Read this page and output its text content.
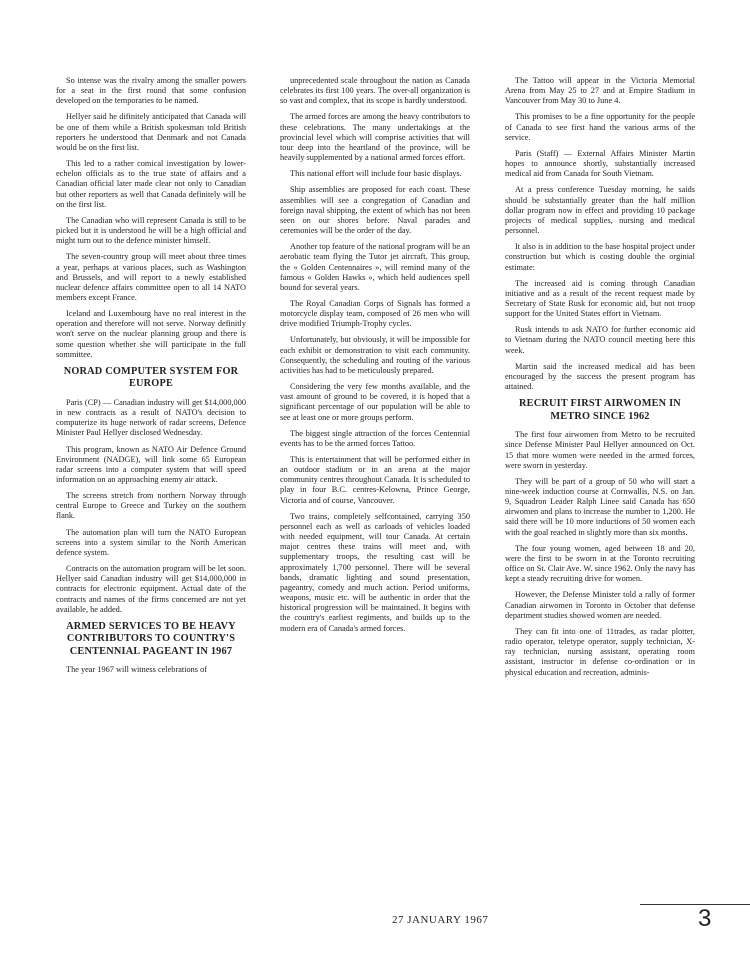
So intense was the rivalry among the smaller powers for a seat in the first round that some confusion developed on the temporaries to be named.

Hellyer said he difinitely anticipated that Canada will be one of them while a British spokesman told British reporters he understood that Denmark and not Canada would be on the first list.

This led to a rather comical investigation by lower-echelon officials as to the true state of affairs and a Canadian official later made clear not only to Canadian but other reporters as well that Canada definitely will be on the first list.

The Canadian who will represent Canada is still to be picked but it is understood he will be a high official and might turn out to the defence minister himself.

The seven-country group will meet about three times a year, perhaps at various places, such as Washington and Brussels, and will report to a newly established nuclear defence affairs committee open to all 14 NATO members except France.

Iceland and Luxembourg have no real interest in the operation and therefore will not serve. Norway definitly won't serve on the nuclear planning group and there is some question whether she will participate in the full sommittee.

NORAD COMPUTER SYSTEM FOR EUROPE

Paris (CP) — Canadian industry will get $14,000,000 in new contracts as a result of NATO's decision to computerize its huge network of radar screens, Defence Minister Paul Hellyer disclosed Wednesday.

This program, known as NATO Air Defence Ground Environment (NADGE), will link some 65 European radar screens into a computer system that will speed information on an approaching enemy air attack.

The screens stretch from northern Norway through central Europe to Greece and Turkey on the southern flank.

The automation plan will turn the NATO European screens into a system similar to the North American defence system.

Contracts on the automation program will be let soon. Hellyer said Canadian industry will get $14,000,000 in contracts for electronic equipment. Actual date of the contracts and names of the firms concerned are not yet available, he added.

ARMED SERVICES TO BE HEAVY CONTRIBUTORS TO COUNTRY'S CENTENNIAL PAGEANT IN 1967

The year 1967 will witness celebrations of

unprecedented scale throughout the nation as Canada celebrates its first 100 years. The over-all organization is so vast and complex, that its scope is hardly understood.

The armed forces are among the heavy contributors to these celebrations. The many undertakings at the provincial level which will comprise activities that will tour deep into the heartland of the province, will be heavily supplemented by a national armed forces effort.

This national effort will include four basic displays.

Ship assemblies are proposed for each coast. These assemblies will see a congregation of Canadian and foreign naval shipping, the extent of which has not been seen on our shores before. Naval parades and ceremonies will be the order of the day.

Another top feature of the national program will be an aerobatic team flying the Tutor jet aircraft. This group, the « Golden Centennaires », will remind many of the famous « Golden Hawks », which held audiences spell bound for several years.

The Royal Canadian Corps of Signals has formed a motorcycle display team, composed of 26 men who will drive modified Triumph-Trophy cycles.

Unfortunately, but obviously, it will be impossible for each exhibit or demonstration to visit each community. Consequently, the scheduling and routing of the various activities has had to be meticulously prepared.

Considering the very few months available, and the vast amount of ground to be covered, it is hoped that a significant percentage of our population will be able to see at least one or more groups perform.

The biggest single attraction of the forces Centennial events has to be the armed forces Tattoo.

This is entertainment that will be performed either in an outdoor stadium or in an arena at the major community centres throughout Canada. It is scheduled to play in four B.C. centres-Kelowna, Prince George, Victoria and of course, Vancouver.

Two trains, completely selfcontained, carrying 350 personnel each as well as carloads of vehicles loaded with needed equipment, will tour Canada. At certain major centres these trains will meet and, with supplementary troops, the resulting cast will be approximately 1,700 personnel. There will be several bands, dramatic lighting and sound presentation, pageantry, comedy and much action. Period uniforms, weapons, music etc. will be authentic in order that the historical progression will be maintained. It begins with the country's earliest regiments, and builds up to the modern era of Canada's armed forces.

The Tattoo will appear in the Victoria Memorial Arena from May 25 to 27 and at Empire Stadium in Vancouver from May 30 to June 4.

This promises to be a fine opportunity for the people of Canada to see first hand the various arms of the service.

Paris (Staff) — External Affairs Minister Martin hopes to announce shortly, substantially increased medical aid from Canada for South Vietnam.

At a press conference Tuesday morning, he saids should be substantially greater than the half million dollar program now in effect and providing 10 package projects of medical supplies, nursing and medical personnel.

It also is in addition to the base hospital project under construction but which is costing double the orginial estimate:

The increased aid is coming through Canadian initiative and as a result of the recent request made by Secretary of State Rusk for economic aid, but not troop support for the United States effort in Vietnam.

Rusk intends to ask NATO for further economic aid to Vietnam during the NATO council meeting here this week.

Martin said the increased medical aid has been encouraged by the success the present program has attained.

RECRUIT FIRST AIRWOMEN IN METRO SINCE 1962

The first four airwomen from Metro to be recruited since Defense Minister Paul Hellyer announced on Oct. 15 that more women were needed in the armed forces, were sworn in yesterday.

They will be part of a group of 50 who will start a nine-week induction course at Cornwallis, N.S. on Jan. 9, Squadron Leader Ralph Linee said Canada has 650 airwomen and plans to increase the number to 1,200. He said there will be 10 more inductions of 50 women each with the goal reached in slightly more than six months.

The four young women, aged between 18 and 20, were the first to be sworn in at the Toronto recruiting office on St. Clair Ave. W. since 1962. Only the navy has kept a steady recruiting drive for women.

However, the Defense Minister told a rally of former Canadian airwomen in Toronto in October that defense department studies showed women are needed.

They can fit into one of 11trades, as radar plotter, radio operator, teletype operator, supply technician, X-ray technician, nursing assistant, operating room assistant, instructor in defense co-ordination or in physical education and recreation, adminis-

27 JANUARY 1967	3
